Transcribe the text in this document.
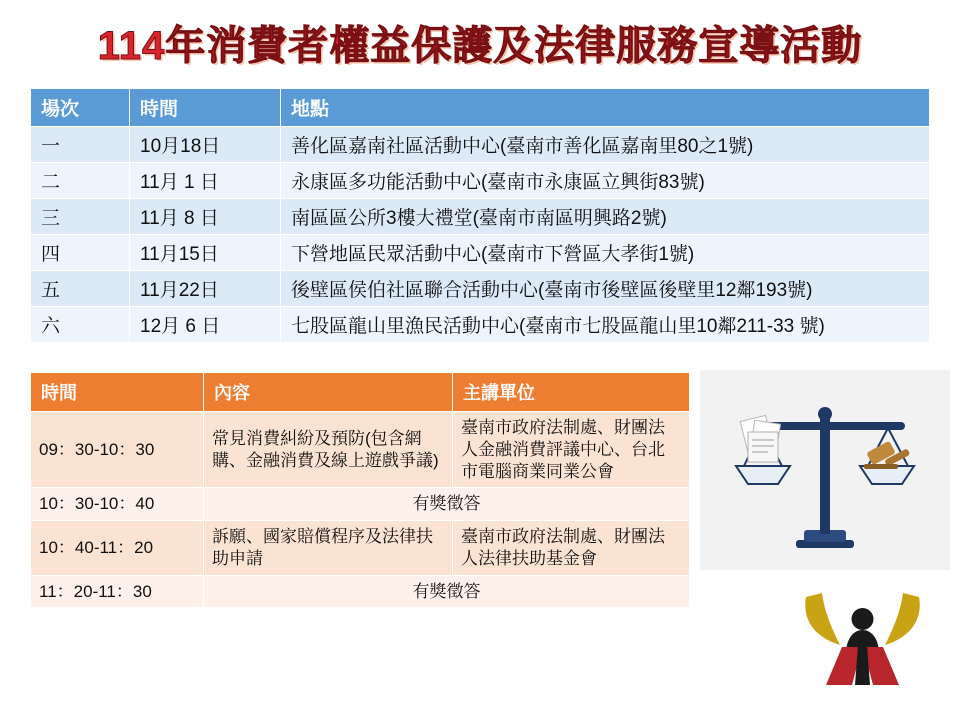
114年消費者權益保護及法律服務宣導活動
場次	時間	地點
一	10月18日	善化區嘉南社區活動中心(臺南市善化區嘉南里80之1號)
二	11月 1 日	永康區多功能活動中心(臺南市永康區立興街83號)
三	11月 8 日	南區區公所3樓大禮堂(臺南市南區明興路2號)
四	11月15日	下營地區民眾活動中心(臺南市下營區大孝街1號)
五	11月22日	後壁區侯伯社區聯合活動中心(臺南市後壁區後壁里12鄰193號)
六	12月 6 日	七股區龍山里漁民活動中心(臺南市七股區龍山里10鄰211-33 號)
時間	內容	主講單位
09：30-10：30	常見消費糾紛及預防(包含網購、金融消費及線上遊戲爭議)	臺南市政府法制處、財團法人金融消費評議中心、台北市電腦商業同業公會
10：30-10：40	有獎徵答	
10：40-11：20	訴願、國家賠償程序及法律扶助申請	臺南市政府法制處、財團法人法律扶助基金會
11：20-11：30	有獎徵答	
